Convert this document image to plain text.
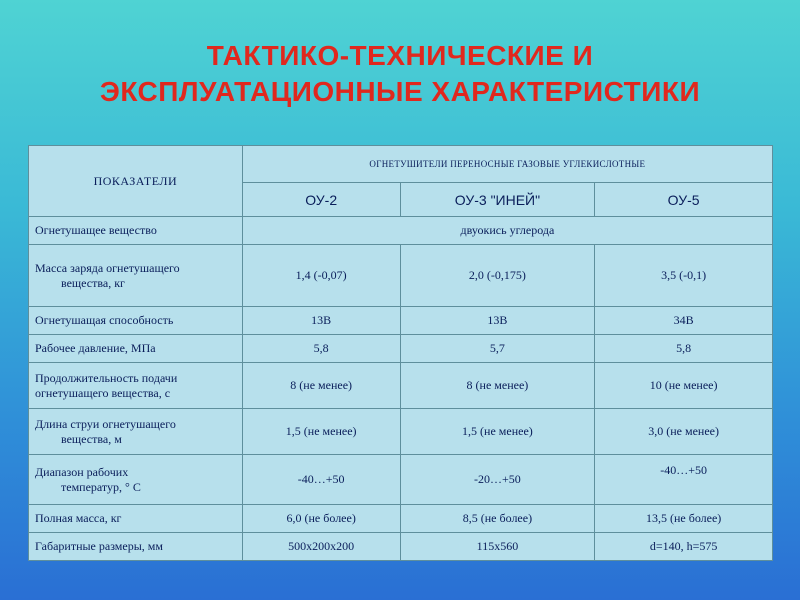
ТАКТИКО-ТЕХНИЧЕСКИЕ И
ЭКСПЛУАТАЦИОННЫЕ ХАРАКТЕРИСТИКИ
ПОКАЗАТЕЛИ	ОГНЕТУШИТЕЛИ ПЕРЕНОСНЫЕ ГАЗОВЫЕ УГЛЕКИСЛОТНЫЕ		
	ОУ-2	ОУ-3 "ИНЕЙ"	ОУ-5
Огнетушащее вещество	двуокись углерода		
Масса заряда огнетушащего
вещества, кг	1,4 (-0,07)	2,0 (-0,175)	3,5 (-0,1)
Огнетушащая способность	13В	13В	34В
Рабочее давление, МПа	5,8	5,7	5,8
Продолжительность подачи
огнетушащего вещества, с	8 (не менее)	8 (не менее)	10 (не менее)
Длина струи огнетушащего
вещества, м	1,5 (не менее)	1,5 (не менее)	3,0 (не менее)
Диапазон рабочих
температур, ° С	-40…+50	-20…+50	-40…+50
Полная масса, кг	6,0 (не более)	8,5 (не более)	13,5 (не более)
Габаритные размеры, мм	500x200x200	115x560	d=140, h=575
